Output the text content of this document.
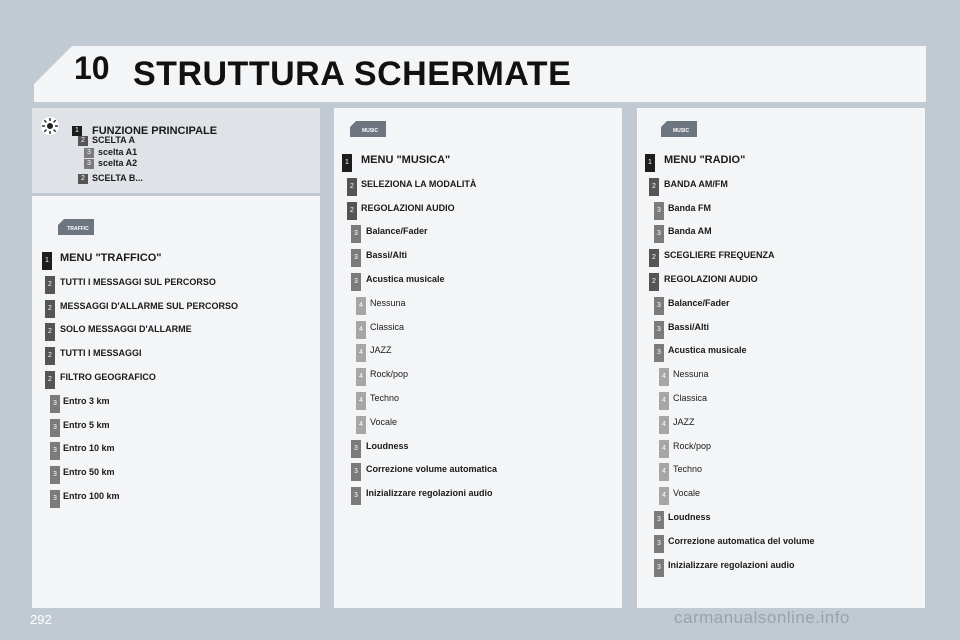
10 STRUTTURA SCHERMATE
1 FUNZIONE PRINCIPALE
2 SCELTA A
3 scelta A1
3 scelta A2
2 SCELTA B...
TRAFFIC
1 MENU "TRAFFICO"
2 TUTTI I MESSAGGI SUL PERCORSO
2 MESSAGGI D'ALLARME SUL PERCORSO
2 SOLO MESSAGGI D'ALLARME
2 TUTTI I MESSAGGI
2 FILTRO GEOGRAFICO
3 Entro 3 km
3 Entro 5 km
3 Entro 10 km
3 Entro 50 km
3 Entro 100 km
MUSIC
1 MENU "MUSICA"
2 SELEZIONA LA MODALITÀ
2 REGOLAZIONI AUDIO
3 Balance/Fader
3 Bassi/Alti
3 Acustica musicale
4 Nessuna
4 Classica
4 JAZZ
4 Rock/pop
4 Techno
4 Vocale
3 Loudness
3 Correzione volume automatica
3 Inizializzare regolazioni audio
MUSIC
1 MENU "RADIO"
2 BANDA AM/FM
3 Banda FM
3 Banda AM
2 SCEGLIERE FREQUENZA
2 REGOLAZIONI AUDIO
3 Balance/Fader
3 Bassi/Alti
3 Acustica musicale
4 Nessuna
4 Classica
4 JAZZ
4 Rock/pop
4 Techno
4 Vocale
3 Loudness
3 Correzione automatica del volume
3 Inizializzare regolazioni audio
292	carmanualsonline.info
